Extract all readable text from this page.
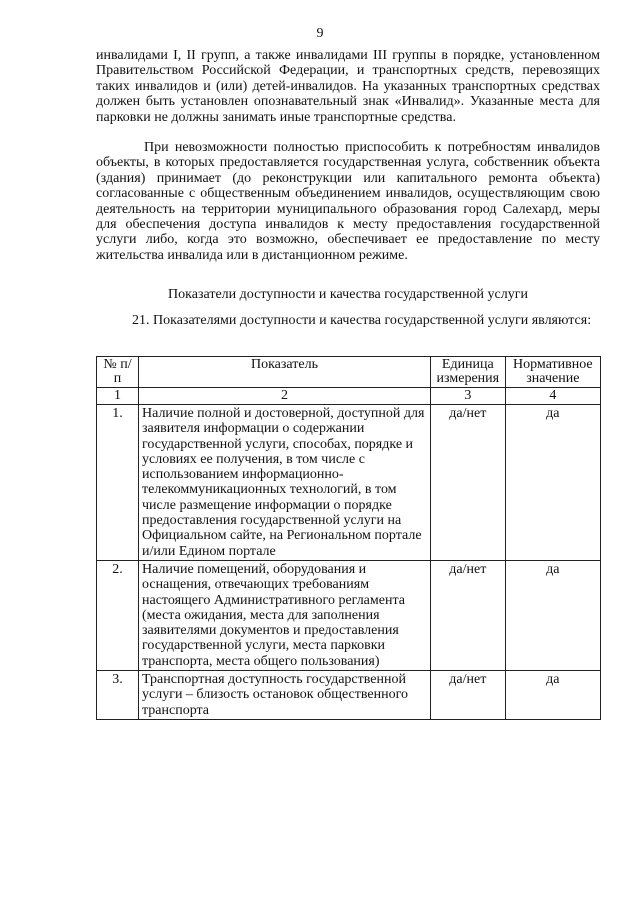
9

инвалидами I, II групп, а также инвалидами III группы в порядке, установленном Правительством Российской Федерации, и транспортных средств, перевозящих таких инвалидов и (или) детей-инвалидов. На указанных транспортных средствах должен быть установлен опознавательный знак «Инвалид». Указанные места для парковки не должны занимать иные транспортные средства.

При невозможности полностью приспособить к потребностям инвалидов объекты, в которых предоставляется государственная услуга, собственник объекта (здания) принимает (до реконструкции или капитального ремонта объекта) согласованные с общественным объединением инвалидов, осуществляющим свою деятельность на территории муниципального образования город Салехард, меры для обеспечения доступа инвалидов к месту предоставления государственной услуги либо, когда это возможно, обеспечивает ее предоставление по месту жительства инвалида или в дистанционном режиме.

Показатели доступности и качества государственной услуги

21. Показателями доступности и качества государственной услуги являются:

№ п/п	Показатель	Единица измерения	Нормативное значение
1	2	3	4
1.	Наличие полной и достоверной, доступной для заявителя информации о содержании государственной услуги, способах, порядке и условиях ее получения, в том числе с использованием информационно-телекоммуникационных технологий, в том числе размещение информации о порядке предоставления государственной услуги на Официальном сайте, на Региональном портале и/или Едином портале	да/нет	да
2.	Наличие помещений, оборудования и оснащения, отвечающих требованиям настоящего Административного регламента (места ожидания, места для заполнения заявителями документов и предоставления государственной услуги, места парковки транспорта, места общего пользования)	да/нет	да
3.	Транспортная доступность государственной услуги – близость остановок общественного транспорта	да/нет	да
